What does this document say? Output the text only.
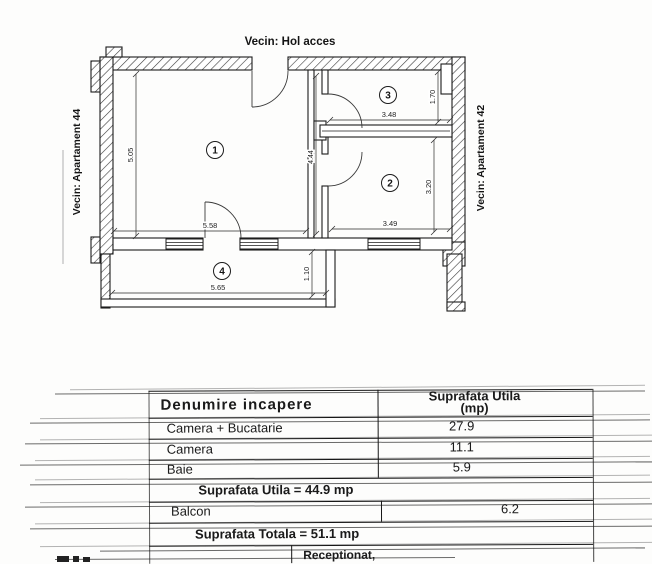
Vecin: Hol acces
Vecin: Apartament 44	Vecin: Apartament 42
5.05	4.44
1.70
3.20
1.10
5.58
3.48
3.49
5.65
1
2
3
4
Denumire incapere
Suprafata Utila
(mp)
Camera + Bucatarie	27.9
Camera	11.1
Baie	5.9
Suprafata Utila = 44.9 mp
Balcon	6.2
Suprafata Totala = 51.1 mp
Receptionat,
